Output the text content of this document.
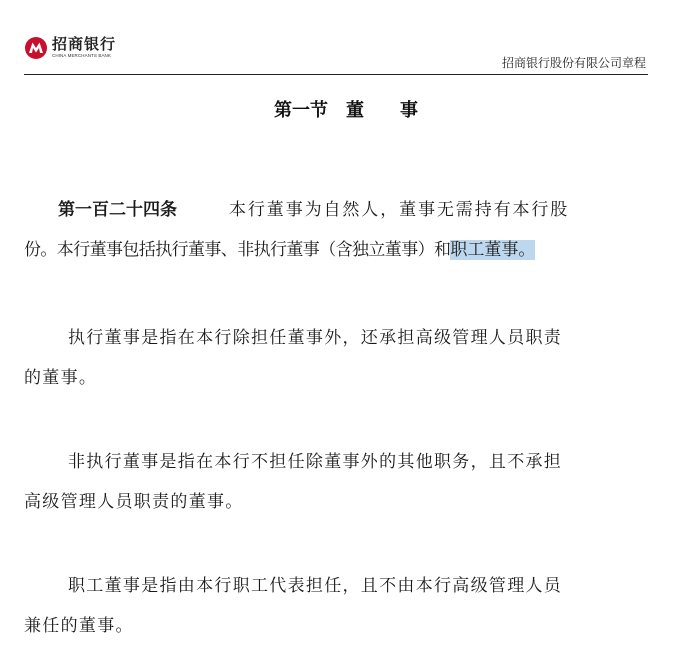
招商银行
CHINA MERCHANTS BANK
招商银行股份有限公司章程
第一节 董 事
第一百二十四条	本行董事为自然人，董事无需持有本行股
份。本行董事包括执行董事、非执行董事（含独立董事）和职工董事。
执行董事是指在本行除担任董事外，还承担高级管理人员职责
的董事。
非执行董事是指在本行不担任除董事外的其他职务，且不承担
高级管理人员职责的董事。
职工董事是指由本行职工代表担任，且不由本行高级管理人员
兼任的董事。
